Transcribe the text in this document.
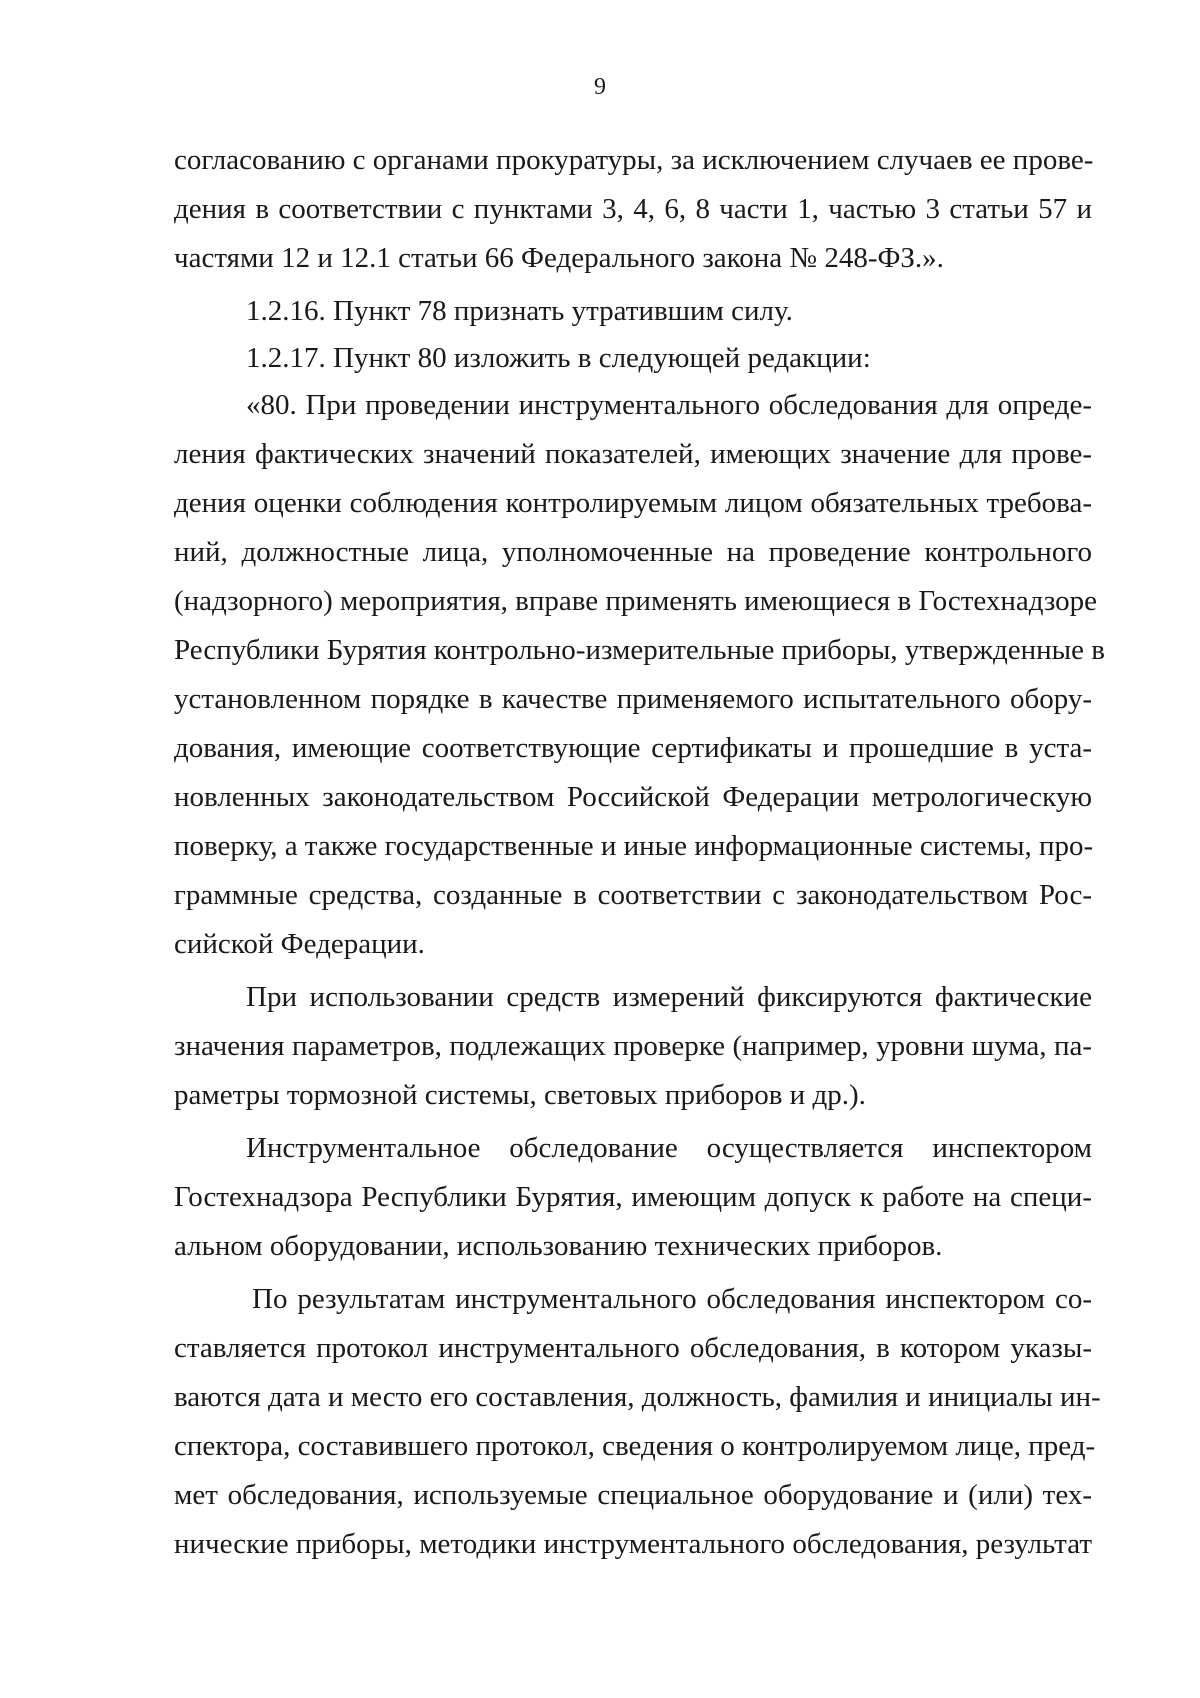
9
согласованию с органами прокуратуры, за исключением случаев ее прове-
дения в соответствии с пунктами 3, 4, 6, 8 части 1, частью 3 статьи 57 и
частями 12 и 12.1 статьи 66 Федерального закона № 248-ФЗ.».
1.2.16. Пункт 78 признать утратившим силу.
1.2.17. Пункт 80 изложить в следующей редакции:
«80. При проведении инструментального обследования для опреде-
ления фактических значений показателей, имеющих значение для прове-
дения оценки соблюдения контролируемым лицом обязательных требова-
ний, должностные лица, уполномоченные на проведение контрольного
(надзорного) мероприятия, вправе применять имеющиеся в Гостехнадзоре
Республики Бурятия контрольно-измерительные приборы, утвержденные в
установленном порядке в качестве применяемого испытательного обору-
дования, имеющие соответствующие сертификаты и прошедшие в уста-
новленных законодательством Российской Федерации метрологическую
поверку, а также государственные и иные информационные системы, про-
граммные средства, созданные в соответствии с законодательством Рос-
сийской Федерации.
При использовании средств измерений фиксируются фактические
значения параметров, подлежащих проверке (например, уровни шума, па-
раметры тормозной системы, световых приборов и др.).
Инструментальное обследование осуществляется инспектором
Гостехнадзора Республики Бурятия, имеющим допуск к работе на специ-
альном оборудовании, использованию технических приборов.
По результатам инструментального обследования инспектором со-
ставляется протокол инструментального обследования, в котором указы-
ваются дата и место его составления, должность, фамилия и инициалы ин-
спектора, составившего протокол, сведения о контролируемом лице, пред-
мет обследования, используемые специальное оборудование и (или) тех-
нические приборы, методики инструментального обследования, результат
